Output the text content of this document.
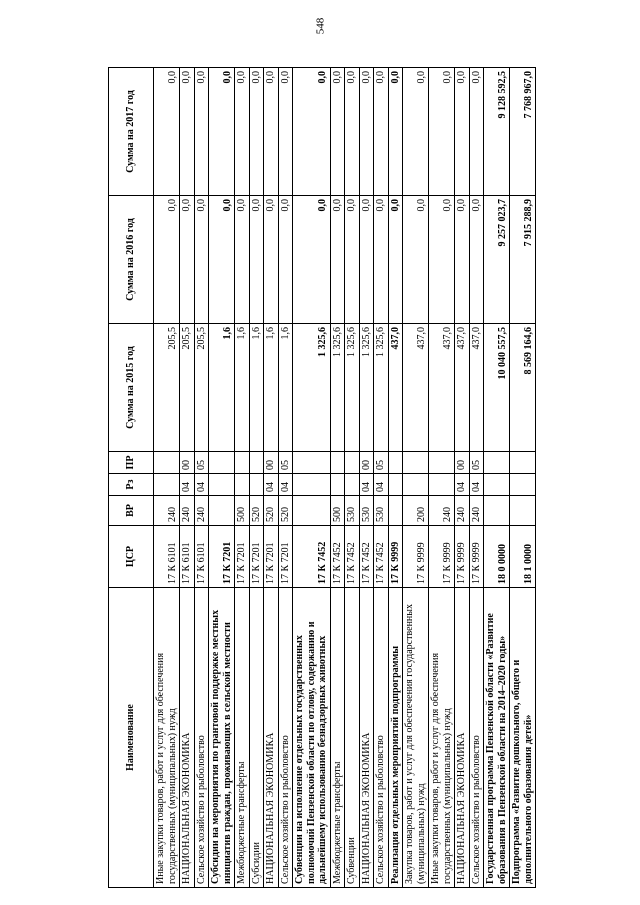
548
Наименование	ЦСР	ВР	Рз	ПР	Сумма на 2015 год	Сумма на 2016 год	Сумма на 2017 год
Иные закупки товаров, работ и услуг для обеспечения государственных (муниципальных) нужд	17 К 6101	240			205,5	0,0	0,0
НАЦИОНАЛЬНАЯ ЭКОНОМИКА	17 К 6101	240	04	00	205,5	0,0	0,0
Сельское хозяйство и рыболовство	17 К 6101	240	04	05	205,5	0,0	0,0
Субсидии на мероприятия по грантовой поддержке местных инициатив граждан, проживающих в сельской местности	17 К 7201				1,6	0,0	0,0
Межбюджетные трансферты	17 К 7201	500			1,6	0,0	0,0
Субсидии	17 К 7201	520			1,6	0,0	0,0
НАЦИОНАЛЬНАЯ ЭКОНОМИКА	17 К 7201	520	04	00	1,6	0,0	0,0
Сельское хозяйство и рыболовство	17 К 7201	520	04	05	1,6	0,0	0,0
Субвенции на исполнение отдельных государственных полномочий Пензенской области по отлову, содержанию и дальнейшему использованию безнадзорных животных	17 К 7452				1 325,6	0,0	0,0
Межбюджетные трансферты	17 К 7452	500			1 325,6	0,0	0,0
Субвенции	17 К 7452	530			1 325,6	0,0	0,0
НАЦИОНАЛЬНАЯ ЭКОНОМИКА	17 К 7452	530	04	00	1 325,6	0,0	0,0
Сельское хозяйство и рыболовство	17 К 7452	530	04	05	1 325,6	0,0	0,0
Реализация отдельных мероприятий подпрограммы	17 К 9999				437,0	0,0	0,0
Закупка товаров, работ и услуг для обеспечения государственных (муниципальных) нужд	17 К 9999	200			437,0	0,0	0,0
Иные закупки товаров, работ и услуг для обеспечения государственных (муниципальных) нужд	17 К 9999	240			437,0	0,0	0,0
НАЦИОНАЛЬНАЯ ЭКОНОМИКА	17 К 9999	240	04	00	437,0	0,0	0,0
Сельское хозяйство и рыболовство	17 К 9999	240	04	05	437,0	0,0	0,0
Государственная программа Пензенской области «Развитие образования в Пензенской области на 2014–2020 годы»	18 0 0000				10 040 557,5	9 257 023,7	9 128 592,5
Подпрограмма «Развитие дошкольного, общего и дополнительного образования детей»	18 1 0000				8 569 164,6	7 915 288,9	7 768 967,0
